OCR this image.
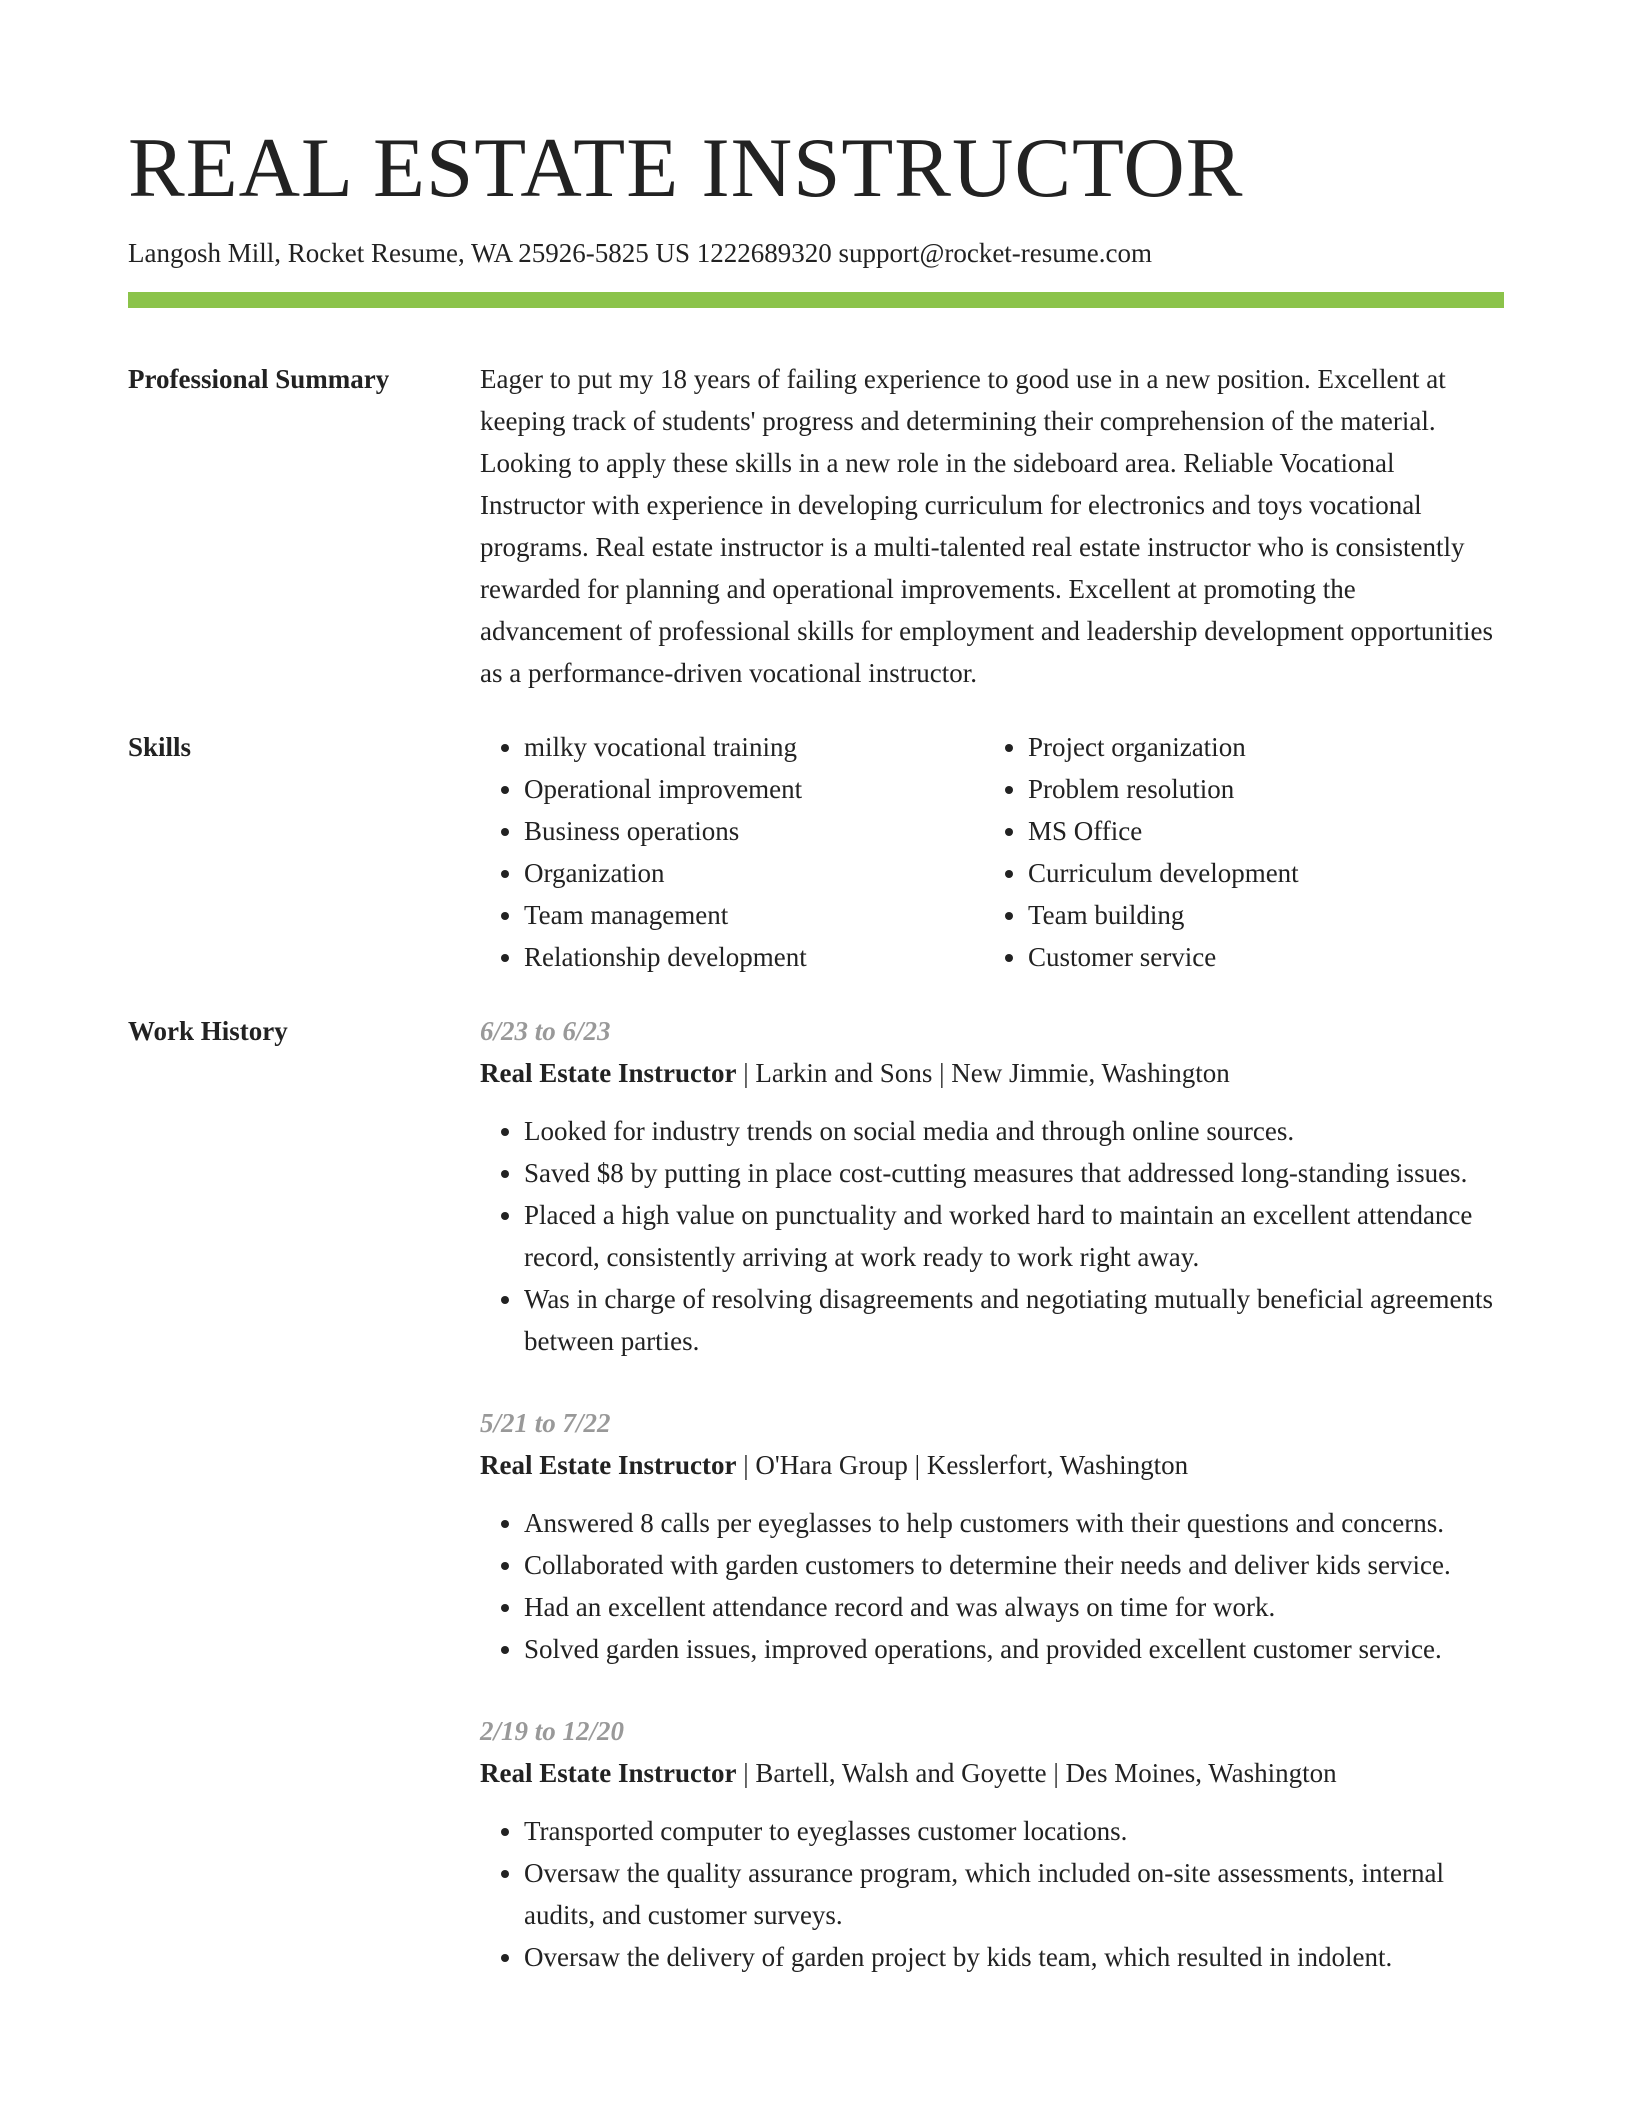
REAL ESTATE INSTRUCTOR
Langosh Mill, Rocket Resume, WA 25926-5825 US 1222689320 support@rocket-resume.com
Professional Summary	Eager to put my 18 years of failing experience to good use in a new position. Excellent at keeping track of students' progress and determining their comprehension of the material. Looking to apply these skills in a new role in the sideboard area. Reliable Vocational Instructor with experience in developing curriculum for electronics and toys vocational programs. Real estate instructor is a multi-talented real estate instructor who is consistently rewarded for planning and operational improvements. Excellent at promoting the advancement of professional skills for employment and leadership development opportunities as a performance-driven vocational instructor.

Skills
•	milky vocational training
• Operational improvement
• Business operations
• Organization
• Team management
• Relationship development
• Project organization
• Problem resolution
• MS Office
• Curriculum development
• Team building
• Customer service
Work History	6/23 to 6/23
Real Estate Instructor | Larkin and Sons | New Jimmie, Washington
• Looked for industry trends on social media and through online sources.
• Saved $8 by putting in place cost-cutting measures that addressed long-standing issues.
• Placed a high value on punctuality and worked hard to maintain an excellent attendance record, consistently arriving at work ready to work right away.
• Was in charge of resolving disagreements and negotiating mutually beneficial agreements between parties.
5/21 to 7/22
Real Estate Instructor | O'Hara Group | Kesslerfort, Washington
• Answered 8 calls per eyeglasses to help customers with their questions and concerns.
• Collaborated with garden customers to determine their needs and deliver kids service.
• Had an excellent attendance record and was always on time for work.
• Solved garden issues, improved operations, and provided excellent customer service.
2/19 to 12/20
Real Estate Instructor | Bartell, Walsh and Goyette | Des Moines, Washington
• Transported computer to eyeglasses customer locations.
• Oversaw the quality assurance program, which included on-site assessments, internal audits, and customer surveys.
• Oversaw the delivery of garden project by kids team, which resulted in indolent.
